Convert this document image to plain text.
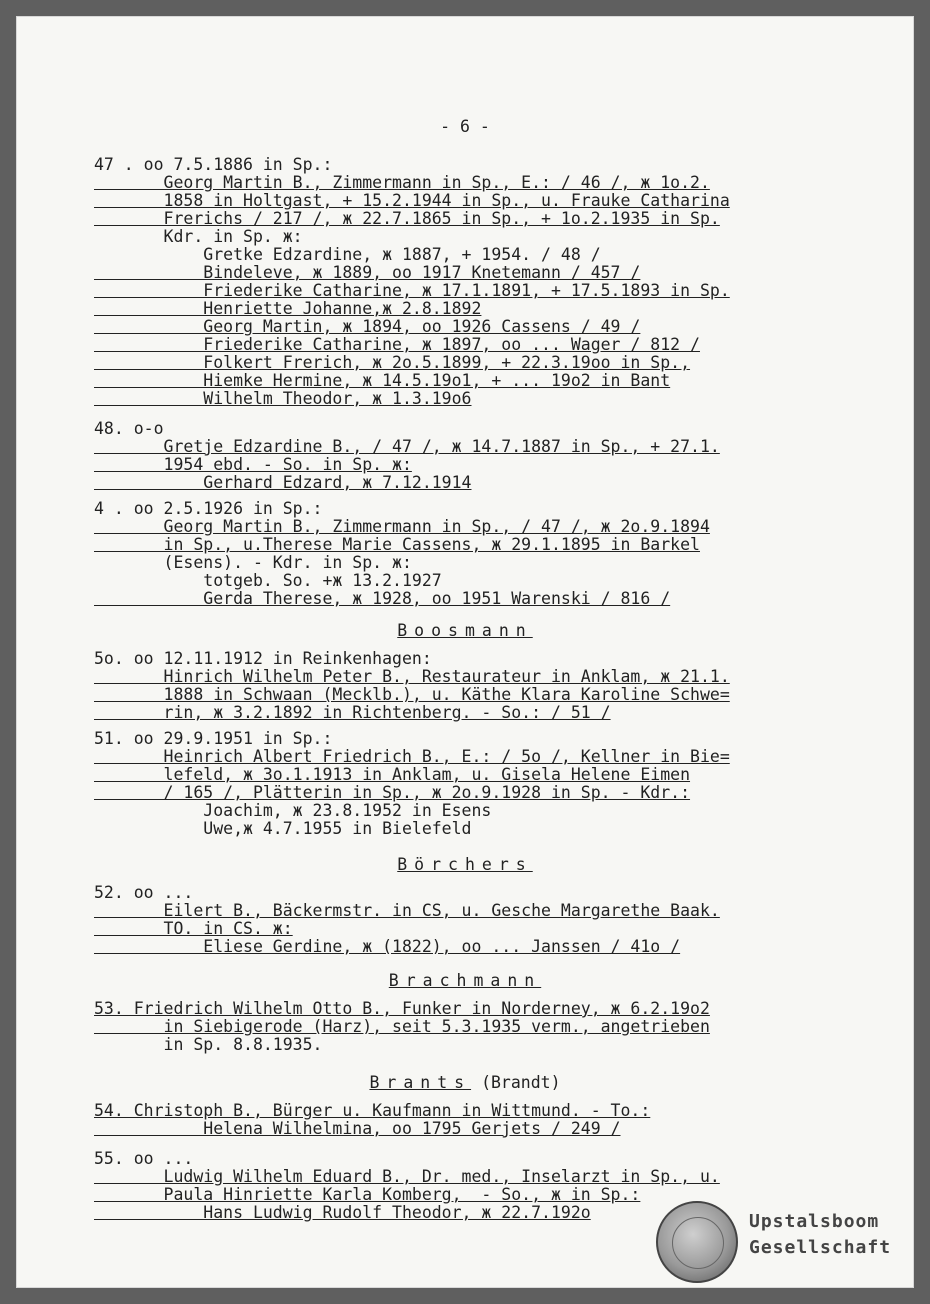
- 6 -
47 . oo 7.5.1886 in Sp.:
Georg Martin B., Zimmermann in Sp., E.: / 46 /, ж 1o.2.
1858 in Holtgast, + 15.2.1944 in Sp., u. Frauke Catharina
Frerichs / 217 /, ж 22.7.1865 in Sp., + 1o.2.1935 in Sp.
Kdr. in Sp. ж:
Gretke Edzardine, ж 1887, + 1954. / 48 /
Bindeleve, ж 1889, oo 1917 Knetemann / 457 /
Friederike Catharine, ж 17.1.1891, + 17.5.1893 in Sp.
Henriette Johanne,ж 2.8.1892
Georg Martin, ж 1894, oo 1926 Cassens / 49 /
Friederike Catharine, ж 1897, oo ... Wager / 812 /
Folkert Frerich, ж 2o.5.1899, + 22.3.19oo in Sp.,
Hiemke Hermine, ж 14.5.19o1, + ... 19o2 in Bant
Wilhelm Theodor, ж 1.3.19o6
48. o-o
Gretje Edzardine B., / 47 /, ж 14.7.1887 in Sp., + 27.1.
1954 ebd. - So. in Sp. ж:
Gerhard Edzard, ж 7.12.1914
4 . oo 2.5.1926 in Sp.:
Georg Martin B., Zimmermann in Sp., / 47 /, ж 2o.9.1894
in Sp., u.Therese Marie Cassens, ж 29.1.1895 in Barkel
(Esens). - Kdr. in Sp. ж:
totgeb. So. +ж 13.2.1927
Gerda Therese, ж 1928, oo 1951 Warenski / 816 /
Boosmann
5o. oo 12.11.1912 in Reinkenhagen:
Hinrich Wilhelm Peter B., Restaurateur in Anklam, ж 21.1.
1888 in Schwaan (Mecklb.), u. Käthe Klara Karoline Schwe=
rin, ж 3.2.1892 in Richtenberg. - So.: / 51 /
51. oo 29.9.1951 in Sp.:
Heinrich Albert Friedrich B., E.: / 5o /, Kellner in Bie=
lefeld, ж 3o.1.1913 in Anklam, u. Gisela Helene Eimen
/ 165 /, Plätterin in Sp., ж 2o.9.1928 in Sp. - Kdr.:
Joachim, ж 23.8.1952 in Esens
Uwe,ж 4.7.1955 in Bielefeld
Börchers
52. oo ...
Eilert B., Bäckermstr. in CS, u. Gesche Margarethe Baak.
TO. in CS. ж:
Eliese Gerdine, ж (1822), oo ... Janssen / 41o /
Brachmann
53. Friedrich Wilhelm Otto B., Funker in Norderney, ж 6.2.19o2
in Siebigerode (Harz), seit 5.3.1935 verm., angetrieben
in Sp. 8.8.1935.
Brants (Brandt)
54. Christoph B., Bürger u. Kaufmann in Wittmund. - To.:
Helena Wilhelmina, oo 1795 Gerjets / 249 /
55. oo ...
Ludwig Wilhelm Eduard B., Dr. med., Inselarzt in Sp., u.
Paula Hinriette Karla Komberg,  - So., ж in Sp.:
Hans Ludwig Rudolf Theodor, ж 22.7.192o	Upstalsboom
Gesellschaft
